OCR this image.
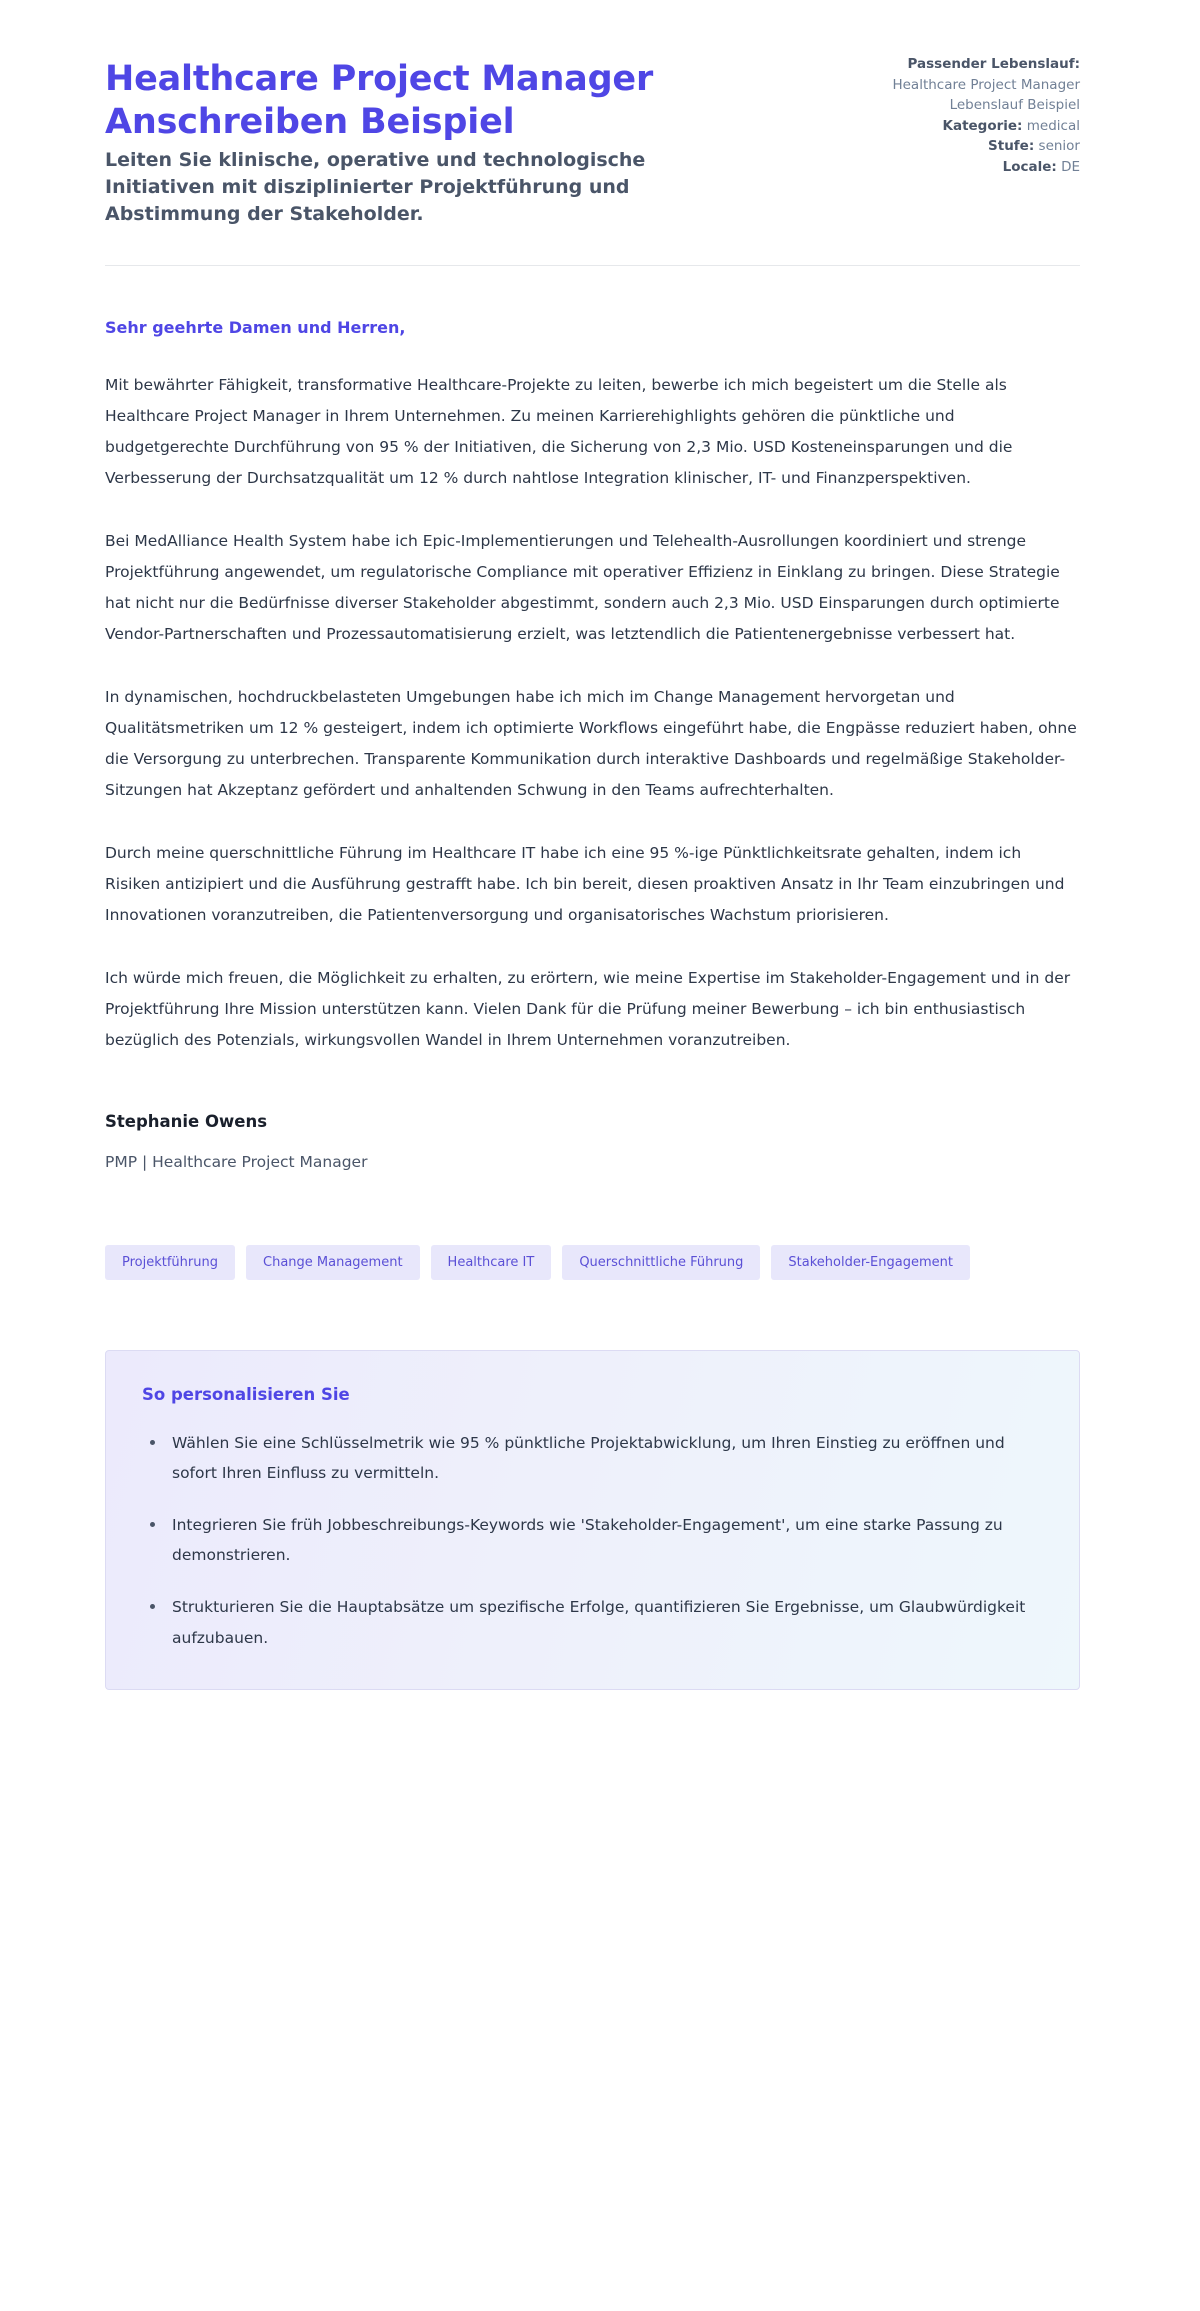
Healthcare Project Manager Anschreiben Beispiel

Leiten Sie klinische, operative und technologische Initiativen mit disziplinierter Projektführung und Abstimmung der Stakeholder.

Passender Lebenslauf:

Healthcare Project Manager Lebenslauf Beispiel

Kategorie: medical

Stufe: senior

Locale: DE

Sehr geehrte Damen und Herren,

Mit bewährter Fähigkeit, transformative Healthcare-Projekte zu leiten, bewerbe ich mich begeistert um die Stelle als Healthcare Project Manager in Ihrem Unternehmen. Zu meinen Karrierehighlights gehören die pünktliche und budgetgerechte Durchführung von 95 % der Initiativen, die Sicherung von 2,3 Mio. USD Kosteneinsparungen und die Verbesserung der Durchsatzqualität um 12 % durch nahtlose Integration klinischer, IT- und Finanzperspektiven.

Bei MedAlliance Health System habe ich Epic-Implementierungen und Telehealth-Ausrollungen koordiniert und strenge Projektführung angewendet, um regulatorische Compliance mit operativer Effizienz in Einklang zu bringen. Diese Strategie hat nicht nur die Bedürfnisse diverser Stakeholder abgestimmt, sondern auch 2,3 Mio. USD Einsparungen durch optimierte Vendor-Partnerschaften und Prozessautomatisierung erzielt, was letztendlich die Patientenergebnisse verbessert hat.

In dynamischen, hochdruckbelasteten Umgebungen habe ich mich im Change Management hervorgetan und Qualitätsmetriken um 12 % gesteigert, indem ich optimierte Workflows eingeführt habe, die Engpässe reduziert haben, ohne die Versorgung zu unterbrechen. Transparente Kommunikation durch interaktive Dashboards und regelmäßige Stakeholder-Sitzungen hat Akzeptanz gefördert und anhaltenden Schwung in den Teams aufrechterhalten.

Durch meine querschnittliche Führung im Healthcare IT habe ich eine 95 %-ige Pünktlichkeitsrate gehalten, indem ich Risiken antizipiert und die Ausführung gestrafft habe. Ich bin bereit, diesen proaktiven Ansatz in Ihr Team einzubringen und Innovationen voranzutreiben, die Patientenversorgung und organisatorisches Wachstum priorisieren.

Ich würde mich freuen, die Möglichkeit zu erhalten, zu erörtern, wie meine Expertise im Stakeholder-Engagement und in der Projektführung Ihre Mission unterstützen kann. Vielen Dank für die Prüfung meiner Bewerbung – ich bin enthusiastisch bezüglich des Potenzials, wirkungsvollen Wandel in Ihrem Unternehmen voranzutreiben.

Stephanie Owens

PMP | Healthcare Project Manager

Projektführung	Change Management	Healthcare IT	Querschnittliche Führung	Stakeholder-Engagement
So personalisieren Sie
Wählen Sie eine Schlüsselmetrik wie 95 % pünktliche Projektabwicklung, um Ihren Einstieg zu eröffnen und sofort Ihren Einfluss zu vermitteln.
Integrieren Sie früh Jobbeschreibungs-Keywords wie 'Stakeholder-Engagement', um eine starke Passung zu demonstrieren.
Strukturieren Sie die Hauptabsätze um spezifische Erfolge, quantifizieren Sie Ergebnisse, um Glaubwürdigkeit aufzubauen.
